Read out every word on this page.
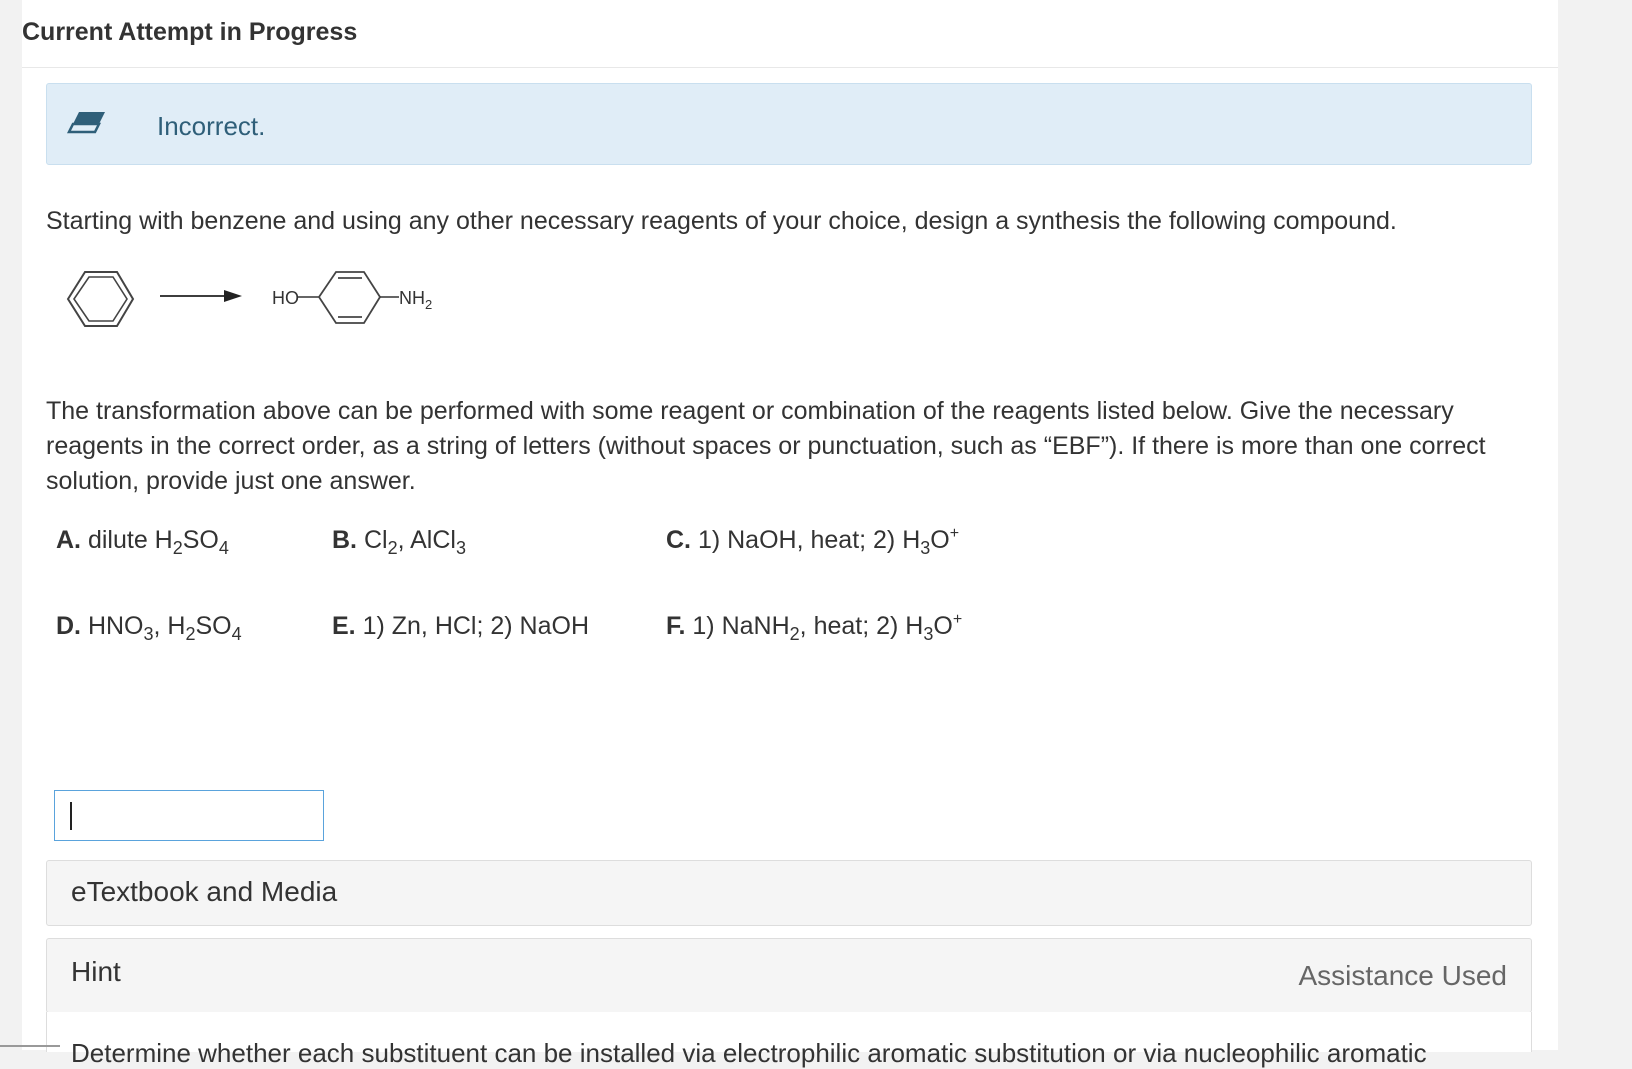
Current Attempt in Progress
Incorrect.
Starting with benzene and using any other necessary reagents of your choice, design a synthesis the following compound.
HO	$NH_2$
The transformation above can be performed with some reagent or combination of the reagents listed below. Give the necessary reagents in the correct order, as a string of letters (without spaces or punctuation, such as “EBF”). If there is more than one correct solution, provide just one answer.
A. dilute $H_2SO_4$	B. $Cl_2$, AlCl$_3$	C. 1) NaOH, heat; 2) $H_3O^+$
D. $HNO_3$, $H_2SO_4$	E. 1) Zn, HCl; 2) NaOH	F. 1) NaNH$_2$, heat; 2) $H_3O^+$
eTextbook and Media
Hint	Assistance Used
Determine whether each substituent can be installed via electrophilic aromatic substitution or via nucleophilic aromatic
